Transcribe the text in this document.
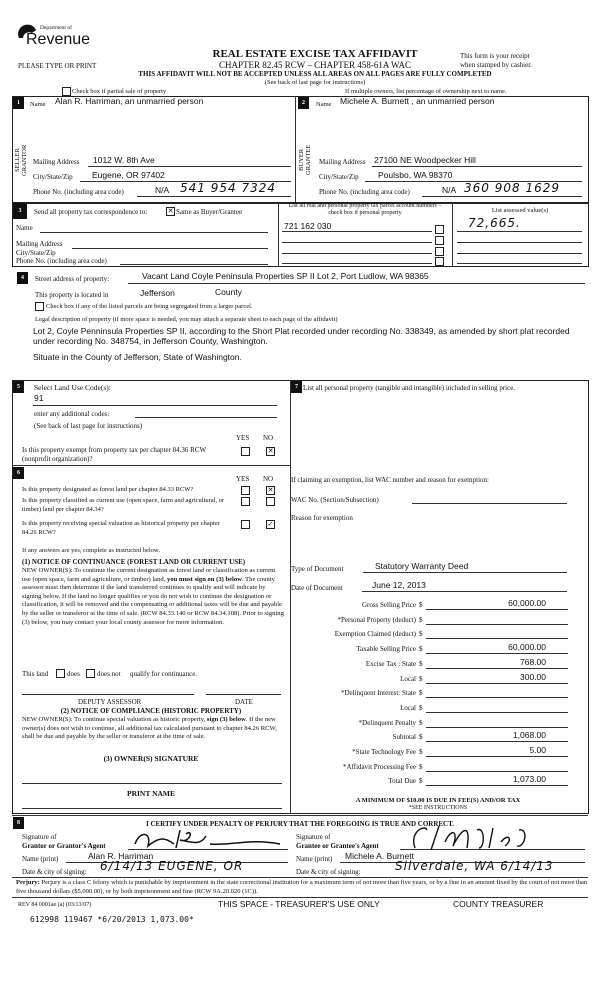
Department of
Revenue
PLEASE TYPE OR PRINT
REAL ESTATE EXCISE TAX AFFIDAVIT
CHAPTER 82.45 RCW – CHAPTER 458-61A WAC
THIS AFFIDAVIT WILL NOT BE ACCEPTED UNLESS ALL AREAS ON ALL PAGES ARE FULLY COMPLETED
(See back of last page for instructions)
This form is your receipt
when stamped by cashier.
Check box if partial sale of property	If multiple owners, list percentage of ownership next to name.
1	Name Alan R. Harriman, an unmarried person
SELLER GRANTOR Mailing Address 1012 W. 8th Ave
City/State/Zip Eugene, OR 97402
Phone No. (including area code)	N/A 541 954 7324
2	Name Michele A. Burnett , an unmarried person
BUYER GRANTEE Mailing Address 27100 NE Woodpecker Hill
City/State/Zip Poulsbo, WA 98370
Phone No. (including area code)	N/A 360 908 1629
3	Send all property tax correspondence to:	✕ Same as Buyer/Grantee
Name
Mailing Address
City/State/Zip
Phone No. (including area code)
List all real and personal property tax parcel account numbers – check box if personal property
721 162 030
List assessed value(s)
72,665.
4	Street address of property:	Vacant Land Coyle Peninsula Properties SP II Lot 2, Port Ludlow, WA 98365
This property is located in	Jefferson	County
Check box if any of the listed parcels are being segregated from a larger parcel.
Legal description of property (if more space is needed, you may attach a separate sheet to each page of the affidavit)
Lot 2, Coyle Penninsula Properties SP II, according to the Short Plat recorded under recording No. 338349, as amended by short plat recorded under recording No. 348754, in Jefferson County, Washington.
Situate in the County of Jefferson, State of Washington.
5	Select Land Use Code(s):
91
enter any additional codes:
(See back of last page for instructions)
YES NO
Is this property exempt from property tax per chapter 84.36 RCW (nonprofit organization)?
✕
6
YES NO
Is this property designated as forest land per chapter 84.33 RCW?	✕
Is this property classified as current use (open space, farm and agricultural, or timber) land per chapter 84.34?
Is this property receiving special valuation as historical property per chapter 84.26 RCW?
✓
If any answers are yes, complete as instructed below.
(1) NOTICE OF CONTINUANCE (FOREST LAND OR CURRENT USE)
NEW OWNER(S): To continue the current designation as forest land or classification as current use (open space, farm and agriculture, or timber) land, you must sign on (3) below. The county assessor must then determine if the land transferred continues to qualify and will indicate by signing below. If the land no longer qualifies or you do not wish to continue the designation or classification, it will be removed and the compensating or additional taxes will be due and payable by the seller or transferor at the time of sale. (RCW 84.33.140 or RCW 84.34.108). Prior to signing (3) below, you may contact your local county assessor for more information.
This land	does does not qualify for continuance.
DEPUTY ASSESSOR	DATE
(2) NOTICE OF COMPLIANCE (HISTORIC PROPERTY)
NEW OWNER(S): To continue special valuation as historic property, sign (3) below. If the new owner(s) does not wish to continue, all additional tax calculated pursuant to chapter 84.26 RCW, shall be due and payable by the seller or transferor at the time of sale.
(3) OWNER(S) SIGNATURE
PRINT NAME
7 List all personal property (tangible and intangible) included in selling price.
If claiming an exemption, list WAC number and reason for exemption:
WAC No. (Section/Subsection)
Reason for exemption
Type of Document	Statutory Warranty Deed
Date of Document	June 12, 2013
Gross Selling Price $	60,000.00
*Personal Property (deduct) $
Exemption Claimed (deduct) $
Taxable Selling Price $	60,000.00
Excise Tax : State $	768.00
Local $	300.00
*Delinquent Interest: State $
Local $
*Delinquent Penalty $
Subtotal $	1,068.00
*State Technology Fee $	5.00
*Affidavit Processing Fee $
Total Due $	1,073.00
A MINIMUM OF $10.00 IS DUE IN FEE(S) AND/OR TAX
*SEE INSTRUCTIONS
8	I CERTIFY UNDER PENALTY OF PERJURY THAT THE FOREGOING IS TRUE AND CORRECT.
Signature of
Grantor or Grantor's Agent
Name (print)	Alan R. Harriman
Date & city of signing: 6/14/13 EUGENE, OR
Signature of
Grantee or Grantee's Agent
Name (print) Michele A. Burnett
Date & city of signing:	Silverdale, WA 6/14/13
Perjury: Perjury is a class C felony which is punishable by imprisonment in the state correctional institution for a maximum term of not more than five years, or by a fine in an amount fixed by the court of not more than five thousand dollars ($5,000.00), or by both imprisonment and fine (RCW 9A.20.020 (1C)).
REV 84 0001ae (a) (03/13/07)	THIS SPACE - TREASURER'S USE ONLY	COUNTY TREASURER
612998 119467 *6/20/2013 1,073.00*
